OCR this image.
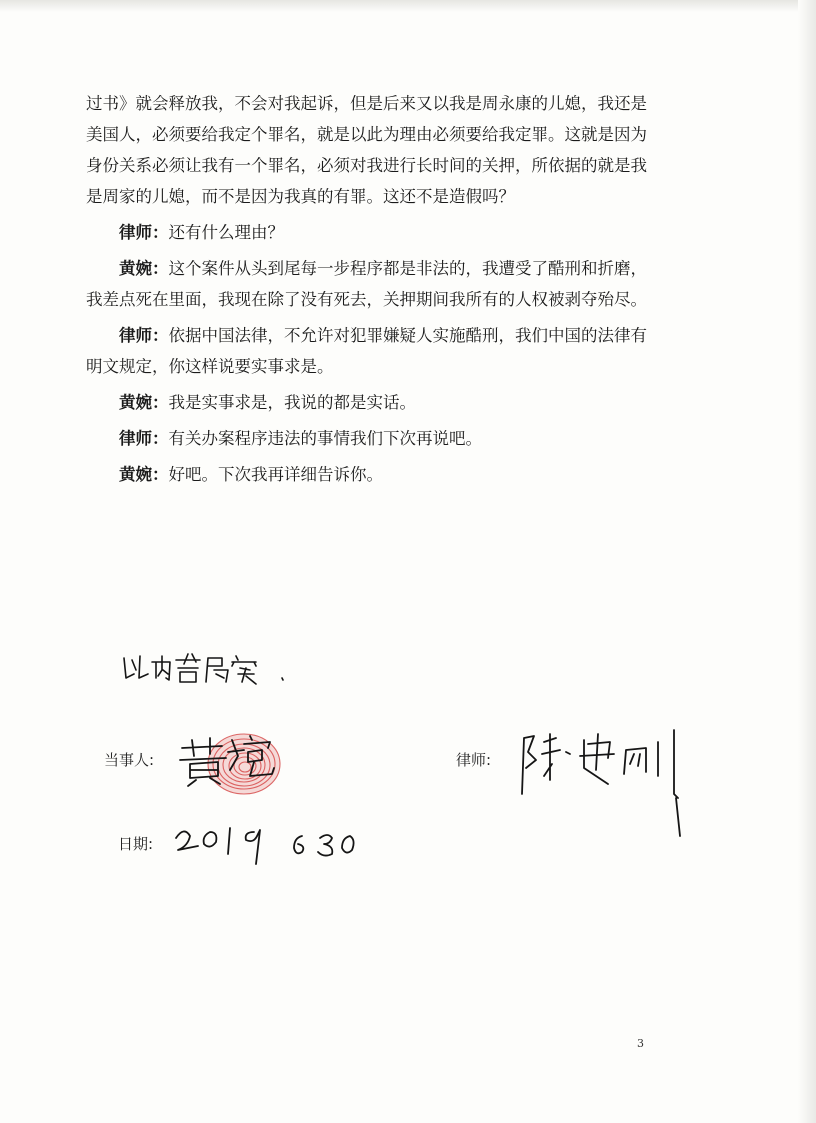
过书》就会释放我，不会对我起诉，但是后来又以我是周永康的儿媳，我还是美国人，必须要给我定个罪名，就是以此为理由必须要给我定罪。这就是因为身份关系必须让我有一个罪名，必须对我进行长时间的关押，所依据的就是我是周家的儿媳，而不是因为我真的有罪。这还不是造假吗？

律师：还有什么理由？

黄婉：这个案件从头到尾每一步程序都是非法的，我遭受了酷刑和折磨，我差点死在里面，我现在除了没有死去，关押期间我所有的人权被剥夺殆尽。

律师：依据中国法律，不允许对犯罪嫌疑人实施酷刑，我们中国的法律有明文规定，你这样说要实事求是。

黄婉：我是实事求是，我说的都是实话。

律师：有关办案程序违法的事情我们下次再说吧。

黄婉：好吧。下次我再详细告诉你。

当事人:	律师:
日期:
3
